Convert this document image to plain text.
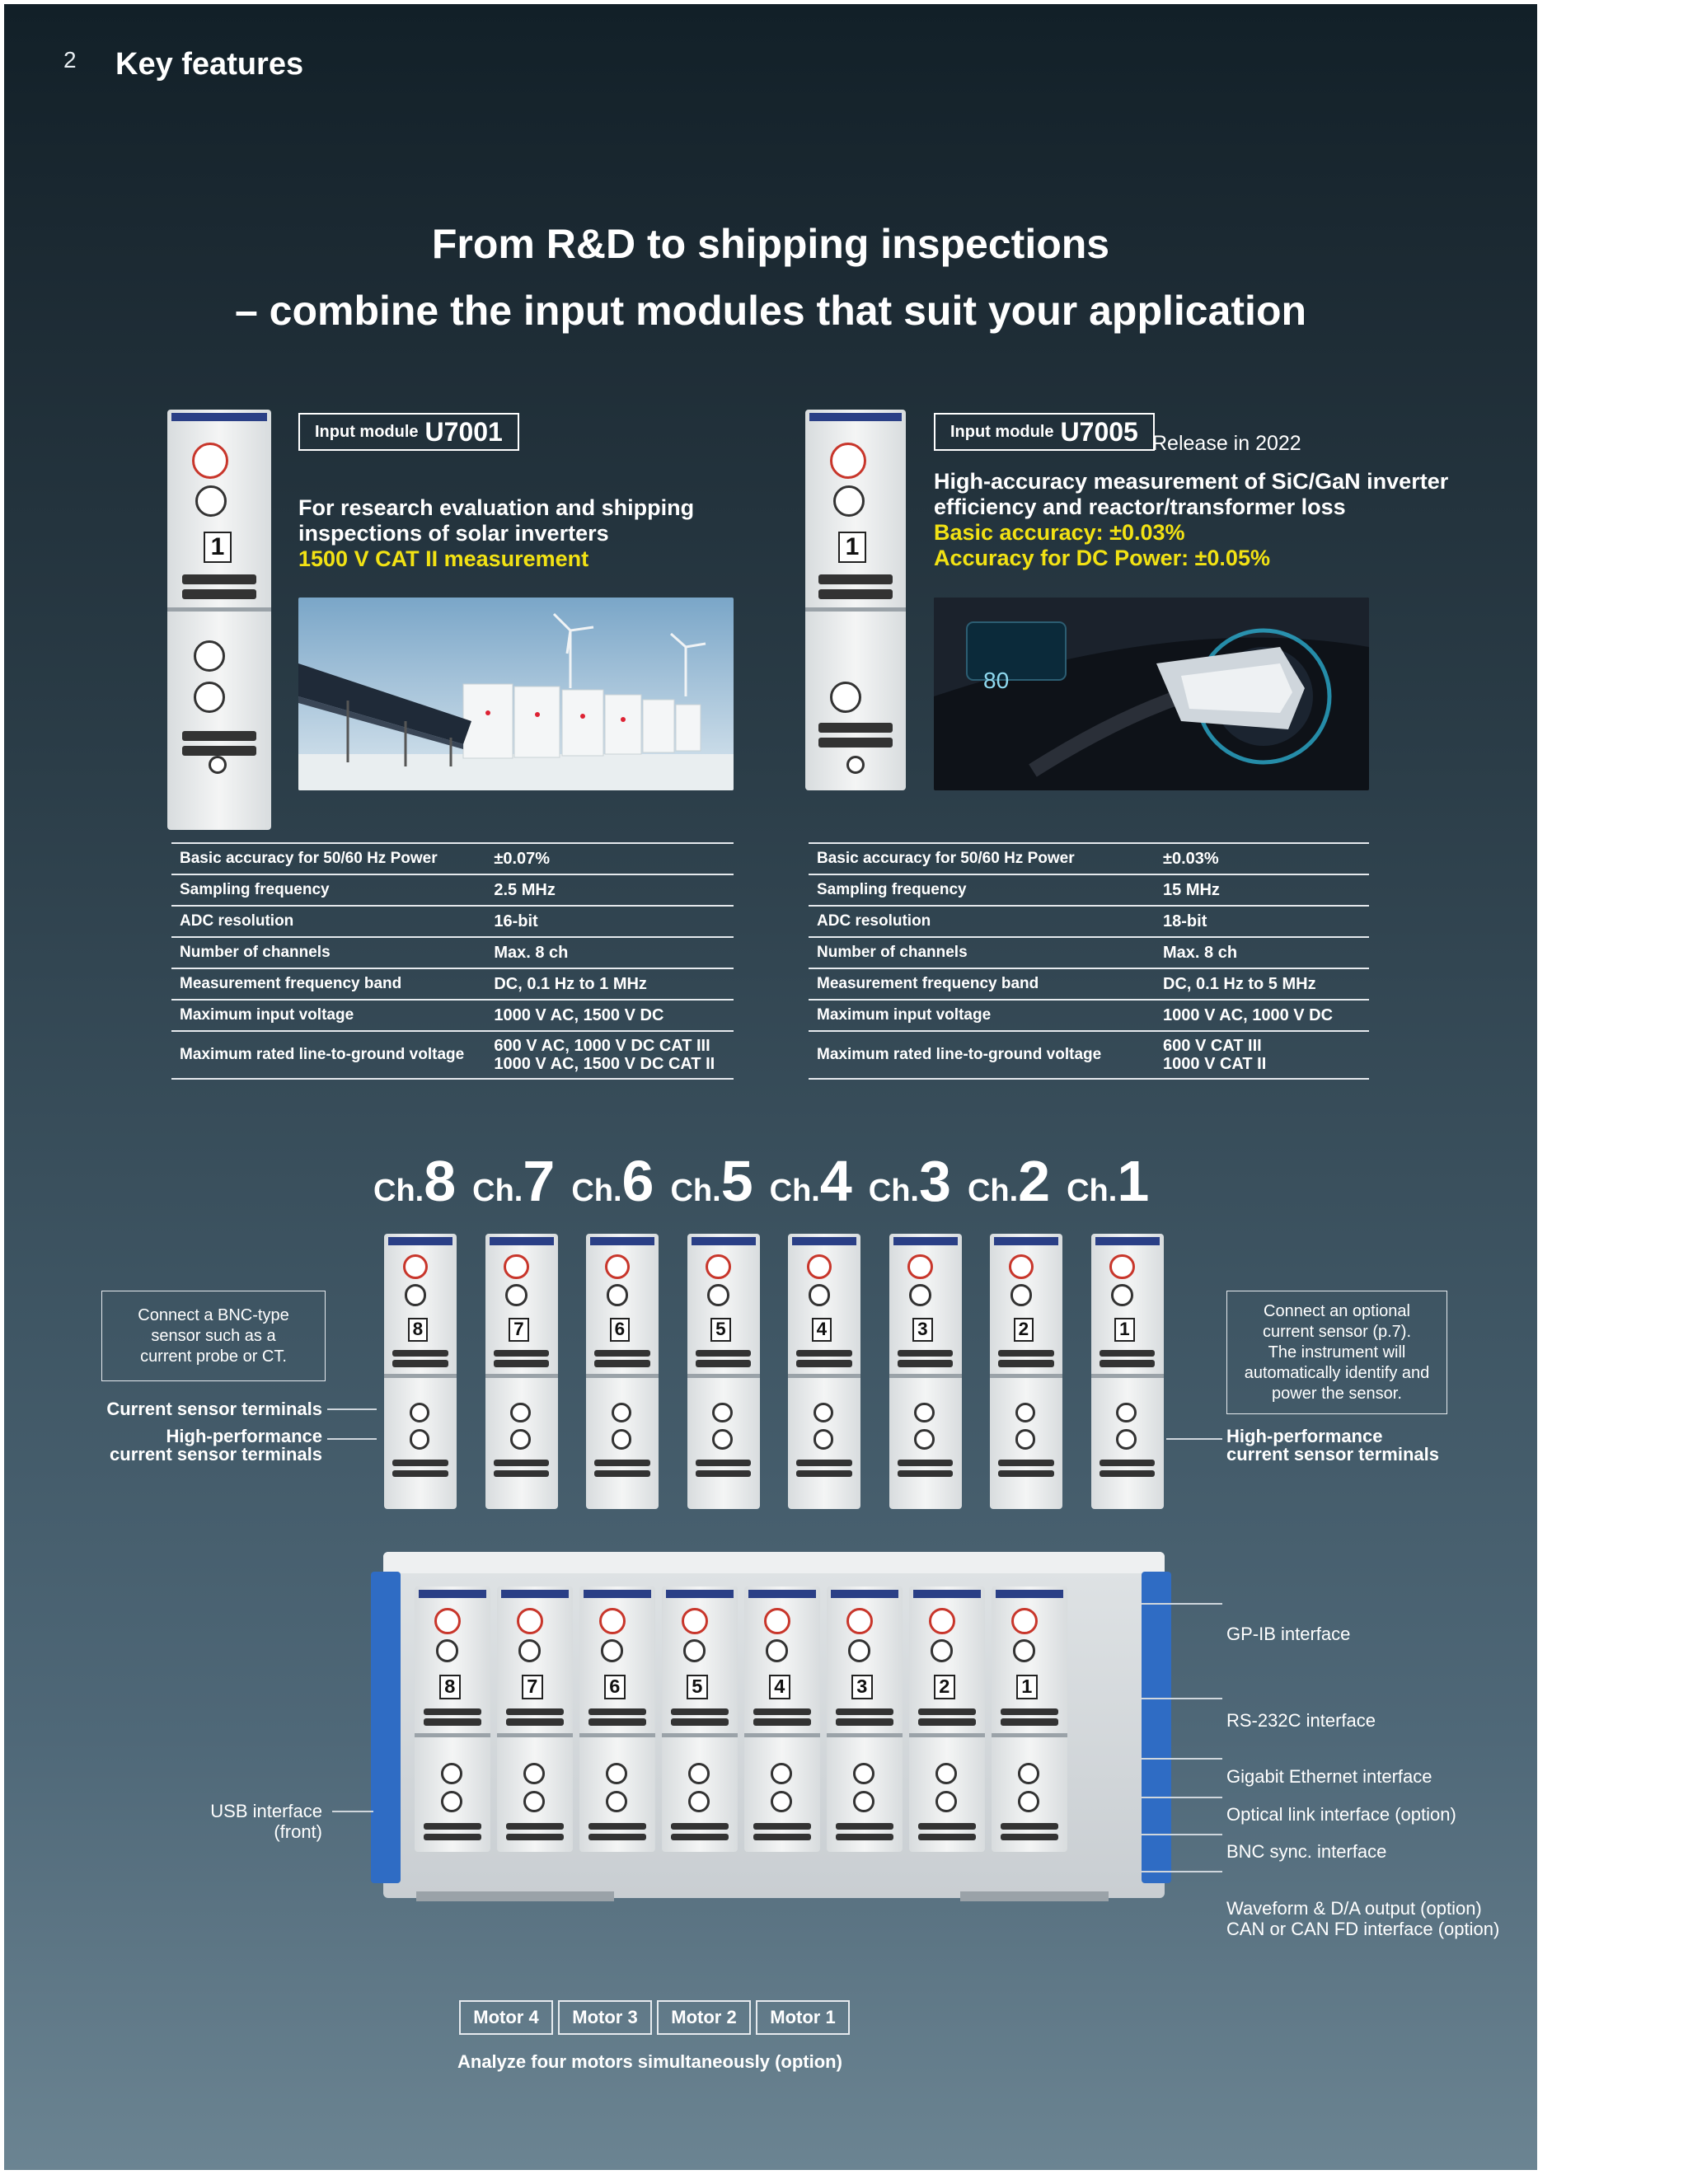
2 Key features
From R&D to shipping inspections
– combine the input modules that suit your application
1
Input module U7001
For research evaluation and shipping
inspections of solar inverters
1500 V CAT II measurement	1
Input module U7005 Release in 2022
High-accuracy measurement of SiC/GaN inverter
efficiency and reactor/transformer loss
Basic accuracy: ±0.03%
Accuracy for DC Power: ±0.05%
80
Basic accuracy for 50/60 Hz Power	±0.07%
Sampling frequency	2.5 MHz
ADC resolution	16-bit
Number of channels	Max. 8 ch
Measurement frequency band	DC, 0.1 Hz to 1 MHz
Maximum input voltage	1000 V AC, 1500 V DC
Maximum rated line-to-ground voltage	600 V AC, 1000 V DC CAT III
1000 V AC, 1500 V DC CAT II
Basic accuracy for 50/60 Hz Power	±0.03%
Sampling frequency	15 MHz
ADC resolution	18-bit
Number of channels	Max. 8 ch
Measurement frequency band	DC, 0.1 Hz to 5 MHz
Maximum input voltage	1000 V AC, 1000 V DC
Maximum rated line-to-ground voltage	600 V CAT III
1000 V CAT II
Ch.8 Ch.7 Ch.6 Ch.5 Ch.4 Ch.3 Ch.2 Ch.1
8	7	6	5	4	3	2	1
Connect a BNC-type
sensor such as a
current probe or CT.
Current sensor terminals
High-performance
current sensor terminals
Connect an optional
current sensor (p.7).
The instrument will
automatically identify and
power the sensor.
High-performance
current sensor terminals
8	7	6	5	4	3	2	1
GP-IB interface
RS-232C interface
Gigabit Ethernet interface
Optical link interface (option)
BNC sync. interface
Waveform & D/A output (option)
CAN or CAN FD interface (option)
USB interface
(front)
Motor 4	Motor 3	Motor 2	Motor 1
Analyze four motors simultaneously (option)
